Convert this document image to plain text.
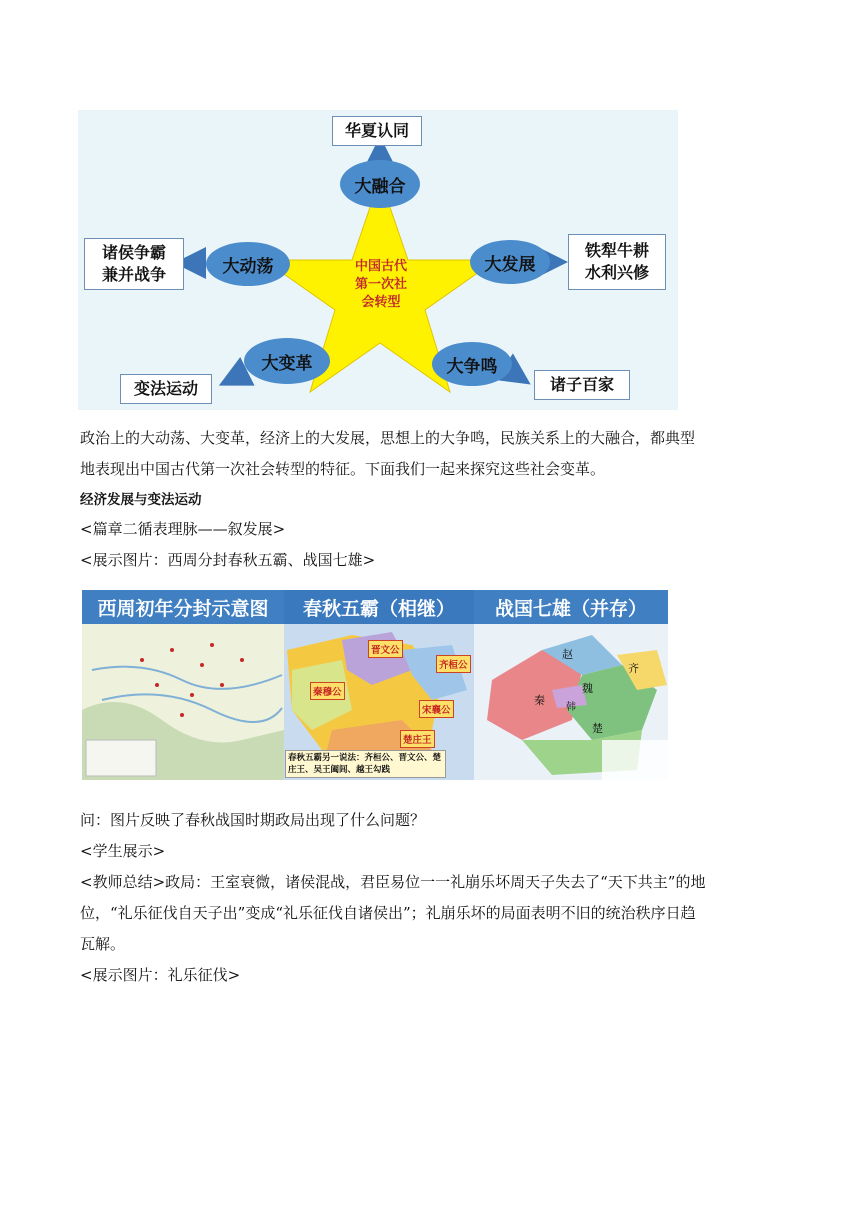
华夏认同
大融合
诸侯争霸
兼并战争	大动荡	大发展
铁犁牛耕
水利兴修
大变革
变法运动
大争鸣
诸子百家
中国古代
第一次社
会转型
政治上的大动荡、大变革，经济上的大发展，思想上的大争鸣，民族关系上的大融合，都典型
地表现出中国古代第一次社会转型的特征。下面我们一起来探究这些社会变革。
经济发展与变法运动
<篇章二循表理脉——叙发展>
<展示图片：西周分封春秋五霸、战国七雄>
西周初年分封示意图	春秋五霸（相继）	战国七雄（并存）
晋文公
齐桓公
秦穆公
宋襄公
楚庄王
春秋五霸另一说法：齐桓公、晋文公、楚庄王、吴王阖闾、越王勾践
秦
赵
齐
魏
韩
楚
问：图片反映了春秋战国时期政局出现了什么问题？
<学生展示>
<教师总结>政局：王室衰微，诸侯混战，君臣易位一一礼崩乐坏周天子失去了“天下共主”的地
位，“礼乐征伐自天子出”变成“礼乐征伐自诸侯出”；礼崩乐坏的局面表明不旧的统治秩序日趋
瓦解。
<展示图片：礼乐征伐>
